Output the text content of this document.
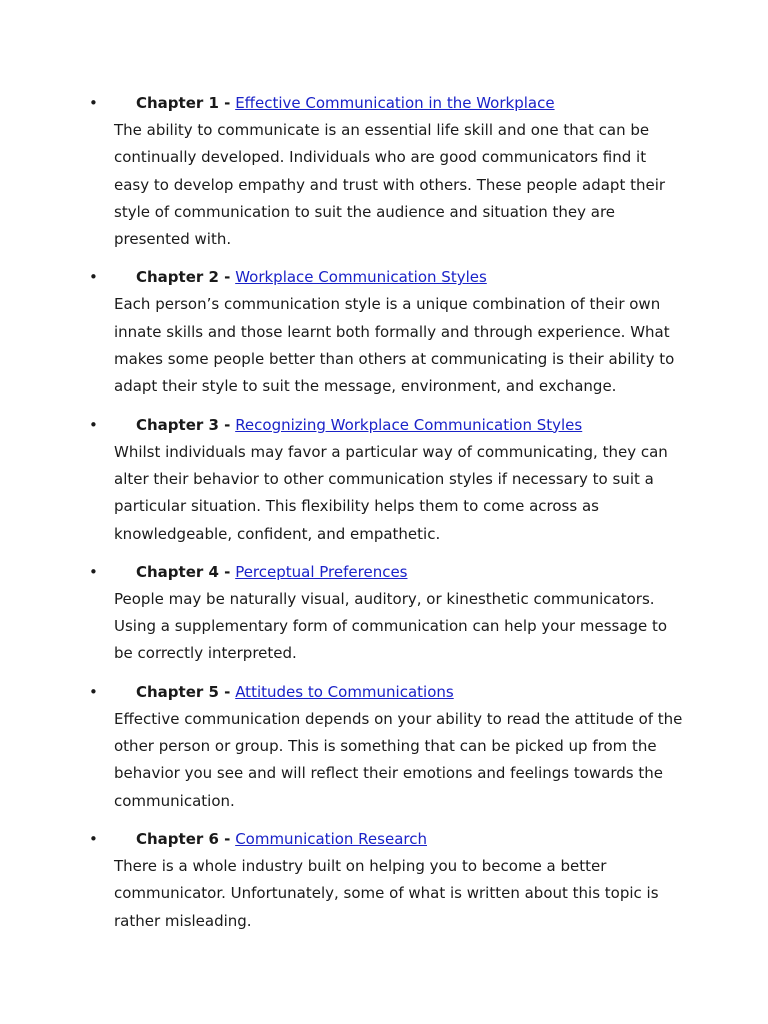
•	Chapter 1 - Effective Communication in the Workplace
The ability to communicate is an essential life skill and one that can be continually developed. Individuals who are good communicators find it easy to develop empathy and trust with others. These people adapt their style of communication to suit the audience and situation they are presented with.
•	Chapter 2 - Workplace Communication Styles
Each person’s communication style is a unique combination of their own innate skills and those learnt both formally and through experience. What makes some people better than others at communicating is their ability to adapt their style to suit the message, environment, and exchange.
•	Chapter 3 - Recognizing Workplace Communication Styles
Whilst individuals may favor a particular way of communicating, they can alter their behavior to other communication styles if necessary to suit a particular situation. This flexibility helps them to come across as knowledgeable, confident, and empathetic.
•	Chapter 4 - Perceptual Preferences
People may be naturally visual, auditory, or kinesthetic communicators. Using a supplementary form of communication can help your message to be correctly interpreted.
•	Chapter 5 - Attitudes to Communications
Effective communication depends on your ability to read the attitude of the other person or group. This is something that can be picked up from the behavior you see and will reflect their emotions and feelings towards the communication.
•	Chapter 6 - Communication Research
There is a whole industry built on helping you to become a better communicator. Unfortunately, some of what is written about this topic is rather misleading.
